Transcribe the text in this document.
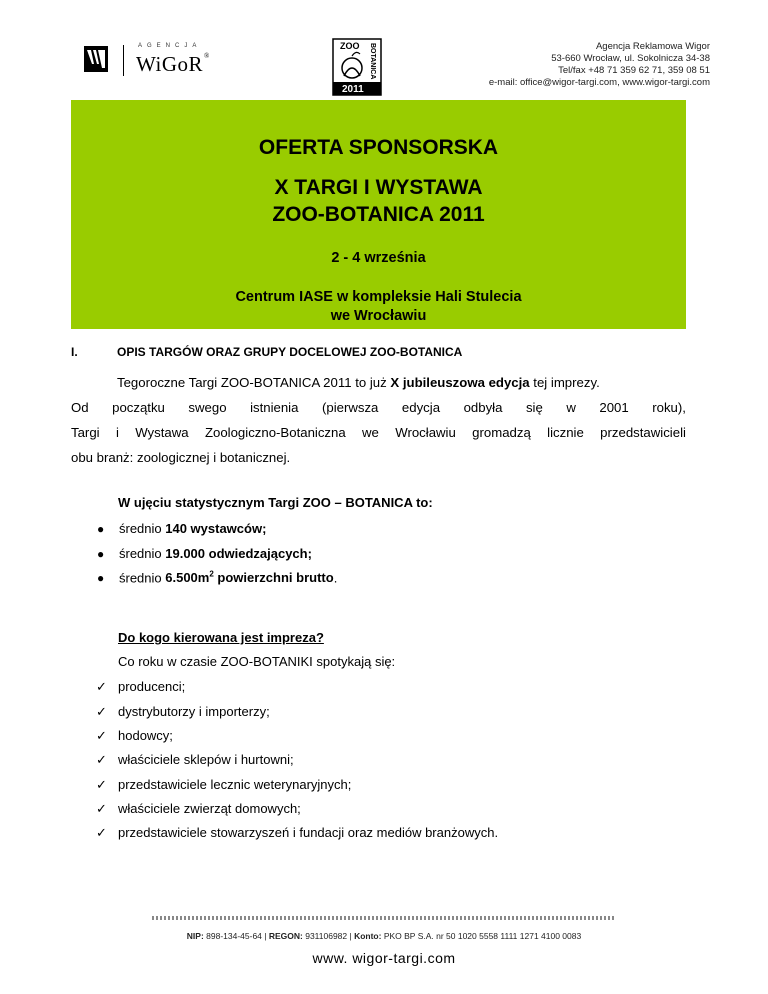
AGENCJA
WiGoR®
ZOO BOTANICA
2011
Agencja Reklamowa Wigor
53-660 Wrocław, ul. Sokolnicza 34-38
Tel/fax +48 71 359 62 71, 359 08 51
e-mail: office@wigor-targi.com, www.wigor-targi.com
OFERTA SPONSORSKA
X TARGI I WYSTAWA
ZOO-BOTANICA 2011
2 - 4 września
Centrum IASE w kompleksie Hali Stulecia
we Wrocławiu
I.	OPIS TARGÓW ORAZ GRUPY DOCELOWEJ ZOO-BOTANICA
Tegoroczne Targi ZOO-BOTANICA 2011 to już X jubileuszowa edycja tej imprezy.
Od początku swego istnienia (pierwsza edycja odbyła się w 2001 roku),
Targi i Wystawa Zoologiczno-Botaniczna we Wrocławiu gromadzą licznie przedstawicieli
obu branż: zoologicznej i botanicznej.
W ujęciu statystycznym Targi ZOO – BOTANICA to:
● średnio 140 wystawców;
● średnio 19.000 odwiedzających;
● średnio $6.500m^2$ powierzchni brutto.
Do kogo kierowana jest impreza?
Co roku w czasie ZOO-BOTANIKI spotykają się:
✓ producenci;
✓ dystrybutorzy i importerzy;
✓ hodowcy;
✓ właściciele sklepów i hurtowni;
✓ przedstawiciele lecznic weterynaryjnych;
✓ właściciele zwierząt domowych;
✓ przedstawiciele stowarzyszeń i fundacji oraz mediów branżowych.
NIP: 898-134-45-64 | REGON: 931106982 | Konto: PKO BP S.A. nr 50 1020 5558 1111 1271 4100 0083
www. wigor-targi.com
